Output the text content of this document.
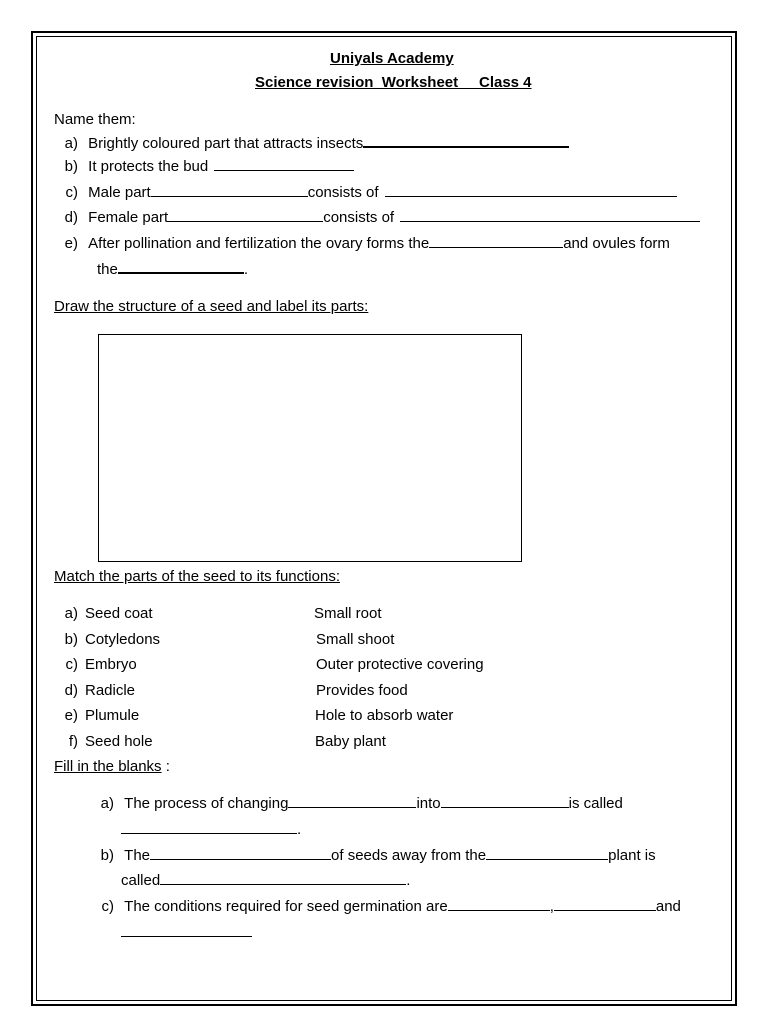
Uniyals Academy
Science revision  Worksheet     Class 4
Name them:
a) Brightly coloured part that attracts insects
b) It protects the bud
c) Male part	consists of
d) Female part	consists of
e) After pollination and fertilization the ovary forms the	and ovules form
the	.
Draw the structure of a seed and label its parts:
Match the parts of the seed to its functions:
a) Seed coat	Small root
b) Cotyledons	Small shoot
c) Embryo	Outer protective covering
d) Radicle	Provides food
e) Plumule	Hole to absorb water
f) Seed hole	Baby plant
Fill in the blanks :
a) The process of changing	into	is called
.
b) The	of seeds away from the	plant is
called	.
c) The conditions required for seed germination are	,	and
